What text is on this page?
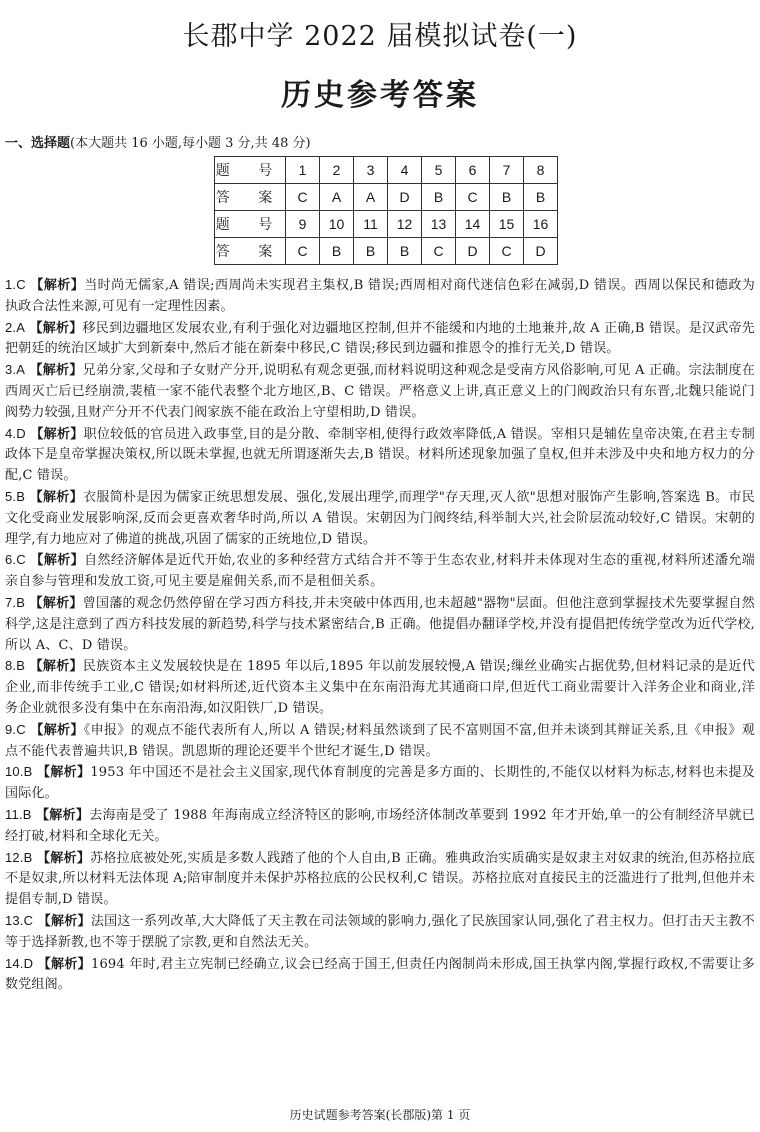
长郡中学 2022 届模拟试卷(一)
历史参考答案
一、选择题(本大题共 16 小题,每小题 3 分,共 48 分)
题 号	1	2	3	4	5	6	7	8
答 案	C	A	A	D	B	C	B	B
题 号	9	10	11	12	13	14	15	16
答 案	C	B	B	B	C	D	C	D

1.C 【解析】当时尚无儒家,A 错误;西周尚未实现君主集权,B 错误;西周相对商代迷信色彩在减弱,D 错误。西周以保民和德政为执政合法性来源,可见有一定理性因素。

2.A 【解析】移民到边疆地区发展农业,有利于强化对边疆地区控制,但并不能缓和内地的土地兼并,故 A 正确,B 错误。是汉武帝先把朝廷的统治区域扩大到新秦中,然后才能在新秦中移民,C 错误;移民到边疆和推恩令的推行无关,D 错误。

3.A 【解析】兄弟分家,父母和子女财产分开,说明私有观念更强,而材料说明这种观念是受南方风俗影响,可见 A 正确。宗法制度在西周灭亡后已经崩溃,裴植一家不能代表整个北方地区,B、C 错误。严格意义上讲,真正意义上的门阀政治只有东晋,北魏只能说门阀势力较强,且财产分开不代表门阀家族不能在政治上守望相助,D 错误。

4.D 【解析】职位较低的官员进入政事堂,目的是分散、牵制宰相,使得行政效率降低,A 错误。宰相只是辅佐皇帝决策,在君主专制政体下是皇帝掌握决策权,所以既未掌握,也就无所谓逐渐失去,B 错误。材料所述现象加强了皇权,但并未涉及中央和地方权力的分配,C 错误。

5.B 【解析】衣服简朴是因为儒家正统思想发展、强化,发展出理学,而理学"存天理,灭人欲"思想对服饰产生影响,答案选 B。市民文化受商业发展影响深,反而会更喜欢奢华时尚,所以 A 错误。宋朝因为门阀终结,科举制大兴,社会阶层流动较好,C 错误。宋朝的理学,有力地应对了佛道的挑战,巩固了儒家的正统地位,D 错误。

6.C 【解析】自然经济解体是近代开始,农业的多种经营方式结合并不等于生态农业,材料并未体现对生态的重视,材料所述潘允端亲自参与管理和发放工资,可见主要是雇佣关系,而不是租佃关系。

7.B 【解析】曾国藩的观念仍然停留在学习西方科技,并未突破中体西用,也未超越"器物"层面。但他注意到掌握技术先要掌握自然科学,这是注意到了西方科技发展的新趋势,科学与技术紧密结合,B 正确。他提倡办翻译学校,并没有提倡把传统学堂改为近代学校,所以 A、C、D 错误。

8.B 【解析】民族资本主义发展较快是在 1895 年以后,1895 年以前发展较慢,A 错误;缫丝业确实占据优势,但材料记录的是近代企业,而非传统手工业,C 错误;如材料所述,近代资本主义集中在东南沿海尤其通商口岸,但近代工商业需要计入洋务企业和商业,洋务企业就很多没有集中在东南沿海,如汉阳铁厂,D 错误。

9.C 【解析】《申报》的观点不能代表所有人,所以 A 错误;材料虽然谈到了民不富则国不富,但并未谈到其辩证关系,且《申报》观点不能代表普遍共识,B 错误。凯恩斯的理论还要半个世纪才诞生,D 错误。

10.B 【解析】1953 年中国还不是社会主义国家,现代体育制度的完善是多方面的、长期性的,不能仅以材料为标志,材料也未提及国际化。

11.B 【解析】去海南是受了 1988 年海南成立经济特区的影响,市场经济体制改革要到 1992 年才开始,单一的公有制经济早就已经打破,材料和全球化无关。

12.B 【解析】苏格拉底被处死,实质是多数人践踏了他的个人自由,B 正确。雅典政治实质确实是奴隶主对奴隶的统治,但苏格拉底不是奴隶,所以材料无法体现 A;陪审制度并未保护苏格拉底的公民权利,C 错误。苏格拉底对直接民主的泛滥进行了批判,但他并未提倡专制,D 错误。

13.C 【解析】法国这一系列改革,大大降低了天主教在司法领域的影响力,强化了民族国家认同,强化了君主权力。但打击天主教不等于选择新教,也不等于摆脱了宗教,更和自然法无关。

14.D 【解析】1694 年时,君主立宪制已经确立,议会已经高于国王,但责任内阁制尚未形成,国王执掌内阁,掌握行政权,不需要让多数党组阁。

历史试题参考答案(长郡版)第 1 页
